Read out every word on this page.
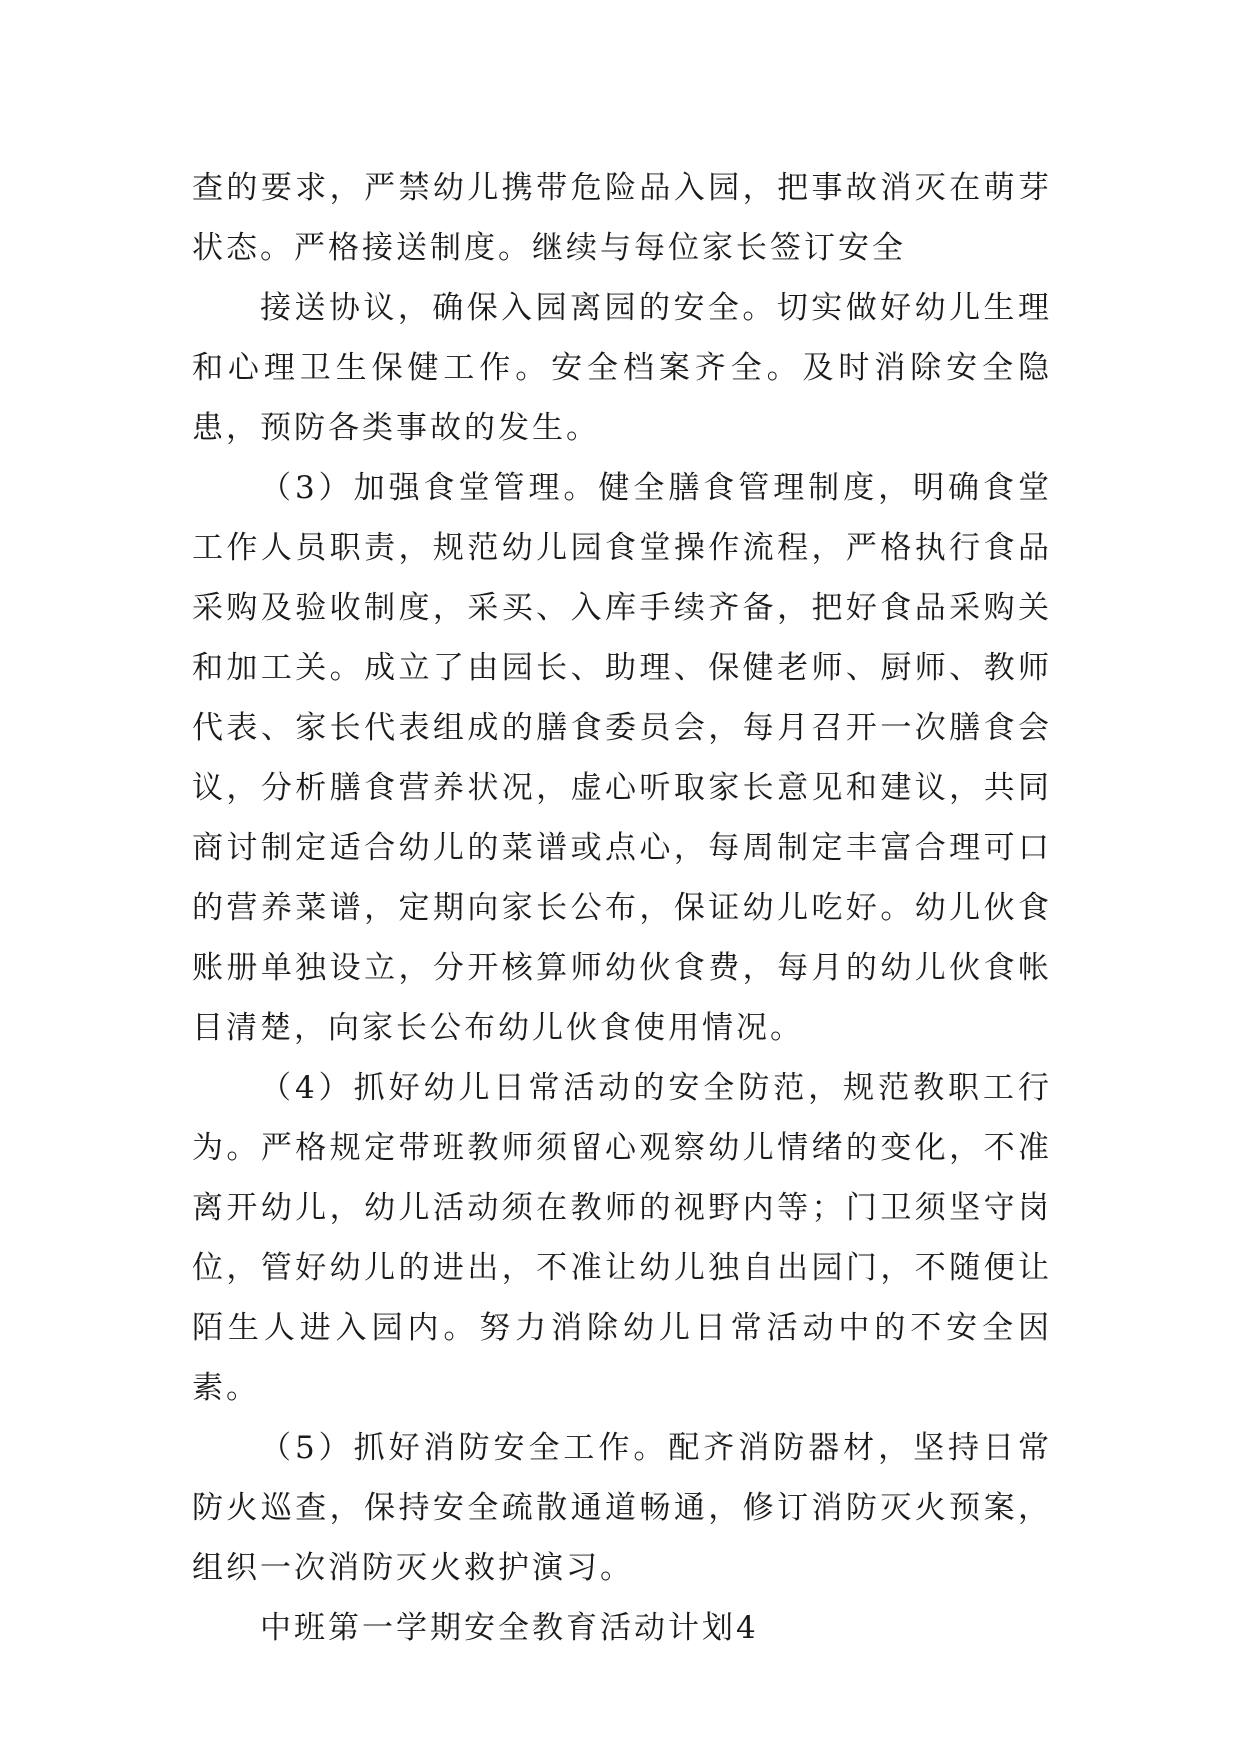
查的要求，严禁幼儿携带危险品入园，把事故消灭在萌芽状态。严格接送制度。继续与每位家长签订安全

接送协议，确保入园离园的安全。切实做好幼儿生理和心理卫生保健工作。安全档案齐全。及时消除安全隐患，预防各类事故的发生。

（3）加强食堂管理。健全膳食管理制度，明确食堂工作人员职责，规范幼儿园食堂操作流程，严格执行食品采购及验收制度，采买、入库手续齐备，把好食品采购关和加工关。成立了由园长、助理、保健老师、厨师、教师代表、家长代表组成的膳食委员会，每月召开一次膳食会议，分析膳食营养状况，虚心听取家长意见和建议，共同商讨制定适合幼儿的菜谱或点心，每周制定丰富合理可口的营养菜谱，定期向家长公布，保证幼儿吃好。幼儿伙食账册单独设立，分开核算师幼伙食费，每月的幼儿伙食帐目清楚，向家长公布幼儿伙食使用情况。

（4）抓好幼儿日常活动的安全防范，规范教职工行为。严格规定带班教师须留心观察幼儿情绪的变化，不准离开幼儿，幼儿活动须在教师的视野内等；门卫须坚守岗位，管好幼儿的进出，不准让幼儿独自出园门，不随便让陌生人进入园内。努力消除幼儿日常活动中的不安全因素。

（5）抓好消防安全工作。配齐消防器材，坚持日常防火巡查，保持安全疏散通道畅通，修订消防灭火预案，组织一次消防灭火救护演习。

中班第一学期安全教育活动计划4
